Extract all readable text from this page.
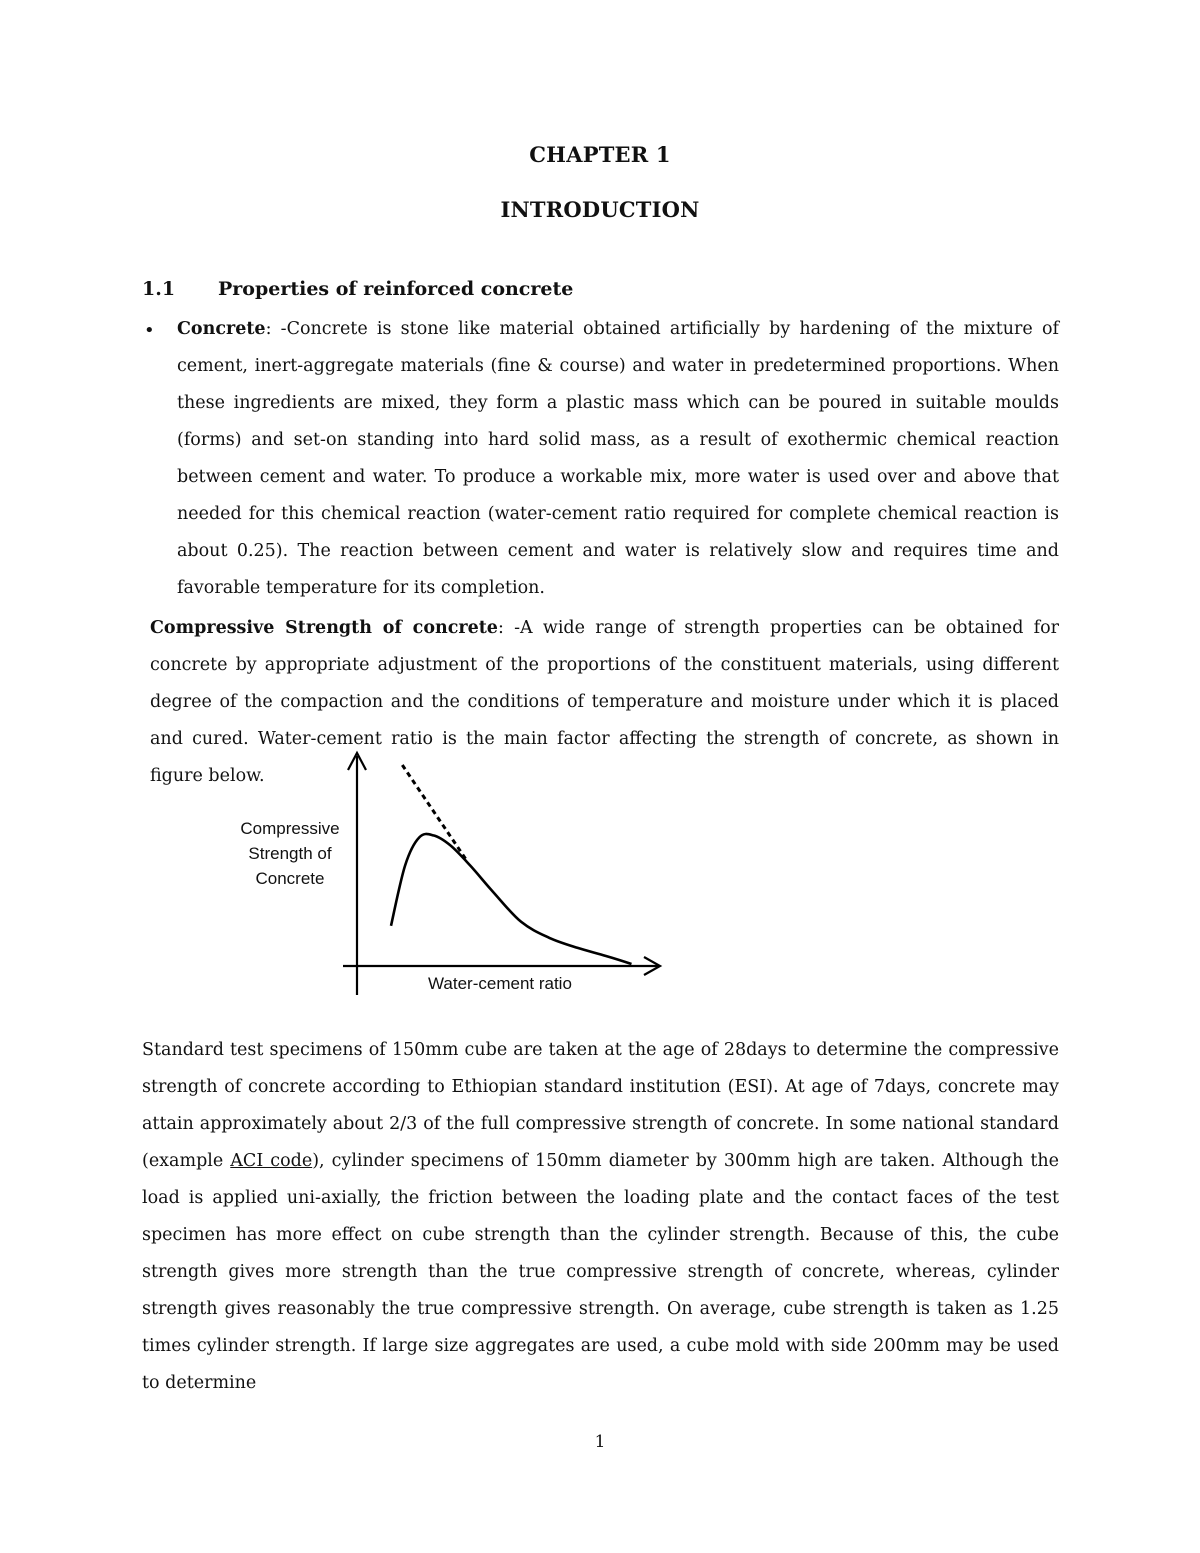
CHAPTER 1
INTRODUCTION
1.1 Properties of reinforced concrete
• Concrete: -Concrete is stone like material obtained artificially by hardening of the mixture of cement, inert-aggregate materials (fine & course) and water in predetermined proportions. When these ingredients are mixed, they form a plastic mass which can be poured in suitable moulds (forms) and set-on standing into hard solid mass, as a result of exothermic chemical reaction between cement and water. To produce a workable mix, more water is used over and above that needed for this chemical reaction (water-cement ratio required for complete chemical reaction is about 0.25). The reaction between cement and water is relatively slow and requires time and favorable temperature for its completion.

Compressive Strength of concrete: -A wide range of strength properties can be obtained for concrete by appropriate adjustment of the proportions of the constituent materials, using different degree of the compaction and the conditions of temperature and moisture under which it is placed and cured. Water-cement ratio is the main factor affecting the strength of concrete, as shown in figure below.

Compressive
Strength of
Concrete
Water-cement ratio

Standard test specimens of 150mm cube are taken at the age of 28days to determine the compressive strength of concrete according to Ethiopian standard institution (ESI). At age of 7days, concrete may attain approximately about 2/3 of the full compressive strength of concrete. In some national standard (example ACI code), cylinder specimens of 150mm diameter by 300mm high are taken. Although the load is applied uni-axially, the friction between the loading plate and the contact faces of the test specimen has more effect on cube strength than the cylinder strength. Because of this, the cube strength gives more strength than the true compressive strength of concrete, whereas, cylinder strength gives reasonably the true compressive strength. On average, cube strength is taken as 1.25 times cylinder strength. If large size aggregates are used, a cube mold with side 200mm may be used to determine

1
